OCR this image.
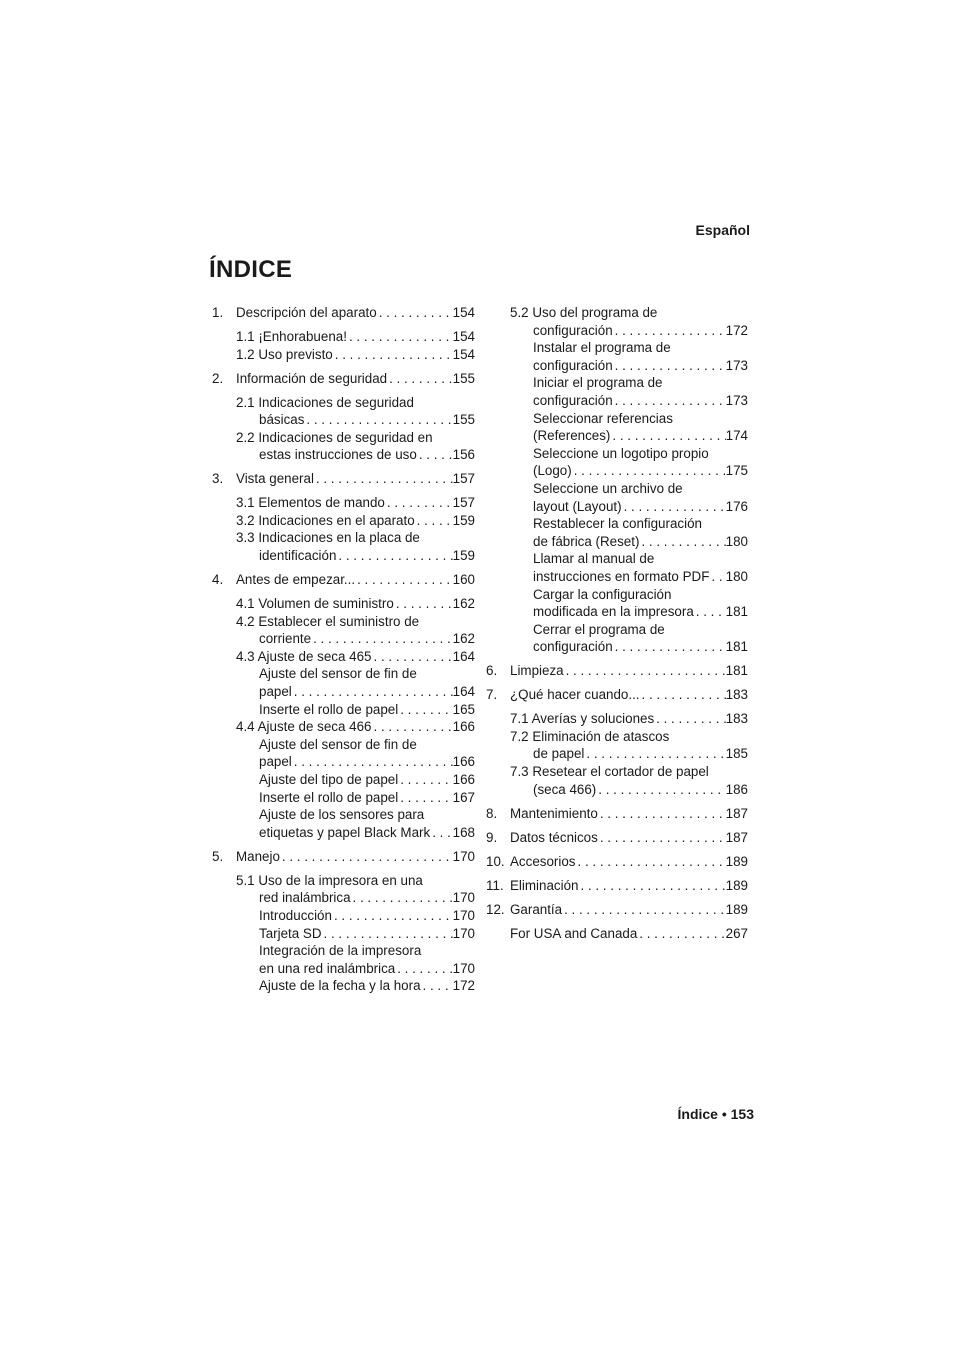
Español
ÍNDICE
1. Descripción del aparato . . .	154
1.1 ¡Enhorabuena! . . .	154
1.2 Uso previsto . . .	154
2. Información de seguridad . . .	155
2.1 Indicaciones de seguridad
básicas . . .	155
2.2 Indicaciones de seguridad en
estas instrucciones de uso . . .	156
3. Vista general . . .	157
3.1 Elementos de mando . . .	157
3.2 Indicaciones en el aparato . . .	159
3.3 Indicaciones en la placa de
identificación . . .	159
4. Antes de empezar... . . .	160
4.1 Volumen de suministro . . .	162
4.2 Establecer el suministro de
corriente . . .	162
4.3 Ajuste de seca 465 . . .	164
Ajuste del sensor de fin de
papel . . .	164
Inserte el rollo de papel . . .	165
4.4 Ajuste de seca 466 . . .	166
Ajuste del sensor de fin de
papel . . .	166
Ajuste del tipo de papel . . .	166
Inserte el rollo de papel . . .	167
Ajuste de los sensores para
etiquetas y papel Black Mark . . . 168
5. Manejo . . .	170
5.1 Uso de la impresora en una
red inalámbrica . . .	170
Introducción . . .	170
Tarjeta SD . . .	170
Integración de la impresora
en una red inalámbrica . . .	170
Ajuste de la fecha y la hora . . . 172
5.2 Uso del programa de
configuración . . .	172
Instalar el programa de
configuración . . .	173
Iniciar el programa de
configuración . . .	173
Seleccionar referencias
(References) . . .	174
Seleccione un logotipo propio
(Logo) . . .	175
Seleccione un archivo de
layout (Layout) . . .	176
Restablecer la configuración
de fábrica (Reset) . . .	180
Llamar al manual de
instrucciones en formato PDF . . . 180
Cargar la configuración
modificada en la impresora . . . 181
Cerrar el programa de
configuración . . .	181
6. Limpieza . . .	181
7. ¿Qué hacer cuando... . . .	183
7.1 Averías y soluciones . . .	183
7.2 Eliminación de atascos
de papel . . .	185
7.3 Resetear el cortador de papel
(seca 466) . . .	186
8. Mantenimiento . . .	187
9. Datos técnicos . . .	187
10. Accesorios . . .	189
11. Eliminación . . .	189
12. Garantía . . .	189
For USA and Canada . . .	267
Índice • 153
